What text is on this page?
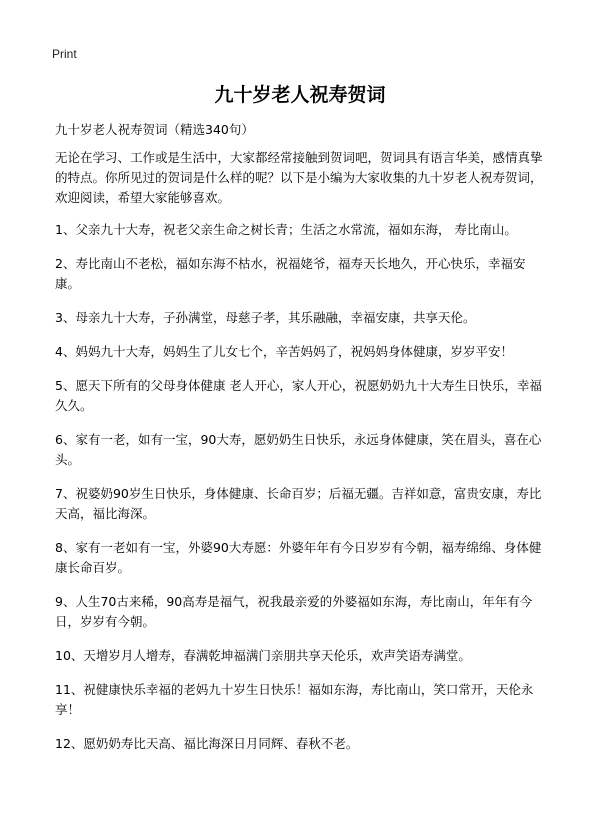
Print
九十岁老人祝寿贺词

九十岁老人祝寿贺词（精选340句）

无论在学习、工作或是生活中，大家都经常接触到贺词吧，贺词具有语言华美，感情真挚的特点。你所见过的贺词是什么样的呢？以下是小编为大家收集的九十岁老人祝寿贺词，欢迎阅读，希望大家能够喜欢。

1、父亲九十大寿，祝老父亲生命之树长青；生活之水常流，福如东海， 寿比南山。

2、寿比南山不老松，福如东海不枯水，祝福姥爷，福寿天长地久，开心快乐，幸福安康。

3、母亲九十大寿，子孙满堂，母慈子孝，其乐融融，幸福安康，共享天伦。

4、妈妈九十大寿，妈妈生了儿女七个，辛苦妈妈了，祝妈妈身体健康，岁岁平安！

5、愿天下所有的父母身体健康 老人开心，家人开心，祝愿奶奶九十大寿生日快乐，幸福久久。

6、家有一老，如有一宝，90大寿，愿奶奶生日快乐，永远身体健康，笑在眉头，喜在心头。

7、祝婆奶90岁生日快乐，身体健康、长命百岁；后福无疆。吉祥如意，富贵安康，寿比天高，福比海深。

8、家有一老如有一宝，外婆90大寿愿：外婆年年有今日岁岁有今朝，福寿绵绵、身体健康长命百岁。

9、人生70古来稀，90高寿是福气，祝我最亲爱的外婆福如东海，寿比南山，年年有今日，岁岁有今朝。

10、天增岁月人增寿，春满乾坤福满门亲朋共享天伦乐，欢声笑语寿满堂。

11、祝健康快乐幸福的老妈九十岁生日快乐！福如东海，寿比南山，笑口常开，天伦永享！

12、愿奶奶寿比天高、福比海深日月同辉、春秋不老。
